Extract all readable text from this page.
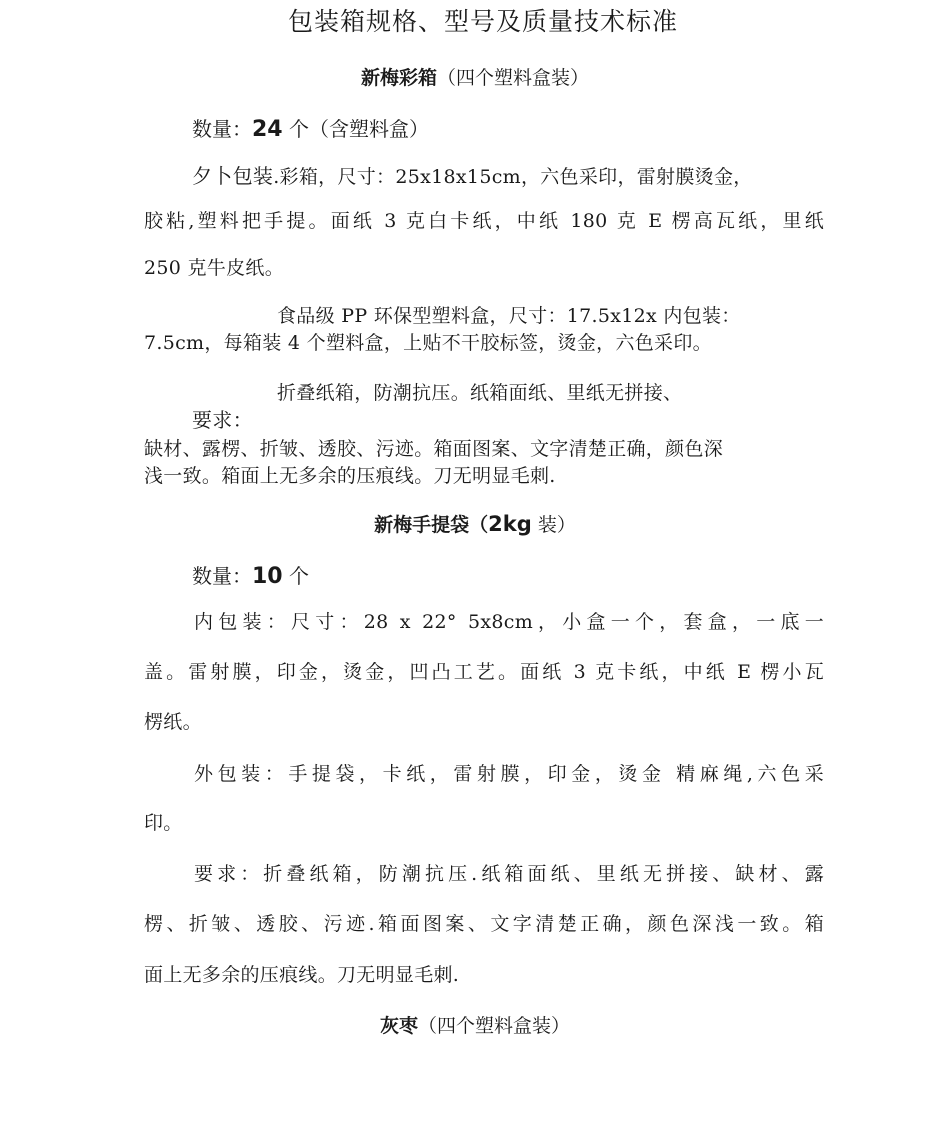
包装箱规格、型号及质量技术标准
新梅彩箱（四个塑料盒装）
数量：24 个（含塑料盒）
夕卜包装.彩箱，尺寸：25x18x15cm，六色采印，雷射膜烫金，
胶粘,塑料把手提。面纸 3 克白卡纸，中纸 180 克 E 楞高瓦纸，里纸
250 克牛皮纸。
食品级 PP 环保型塑料盒，尺寸：17.5x12x 内包装：
7.5cm，每箱装 4 个塑料盒，上贴不干胶标签，烫金，六色采印。
折叠纸箱，防潮抗压。纸箱面纸、里纸无拼接、
要求：
缺材、露楞、折皱、透胶、污迹。箱面图案、文字清楚正确，颜色深
浅一致。箱面上无多余的压痕线。刀无明显毛刺.
新梅手提袋（2kg 装）
数量：10 个
内包装：尺寸：28 x 22° 5x8cm，小盒一个，套盒，一底一
盖。雷射膜，印金，烫金，凹凸工艺。面纸 3 克卡纸，中纸 E 楞小瓦
楞纸。
外包装：手提袋，卡纸，雷射膜，印金，烫金 精麻绳,六色采
印。
要求：折叠纸箱，防潮抗压.纸箱面纸、里纸无拼接、缺材、露
楞、折皱、透胶、污迹.箱面图案、文字清楚正确，颜色深浅一致。箱
面上无多余的压痕线。刀无明显毛刺.
灰枣（四个塑料盒装）
